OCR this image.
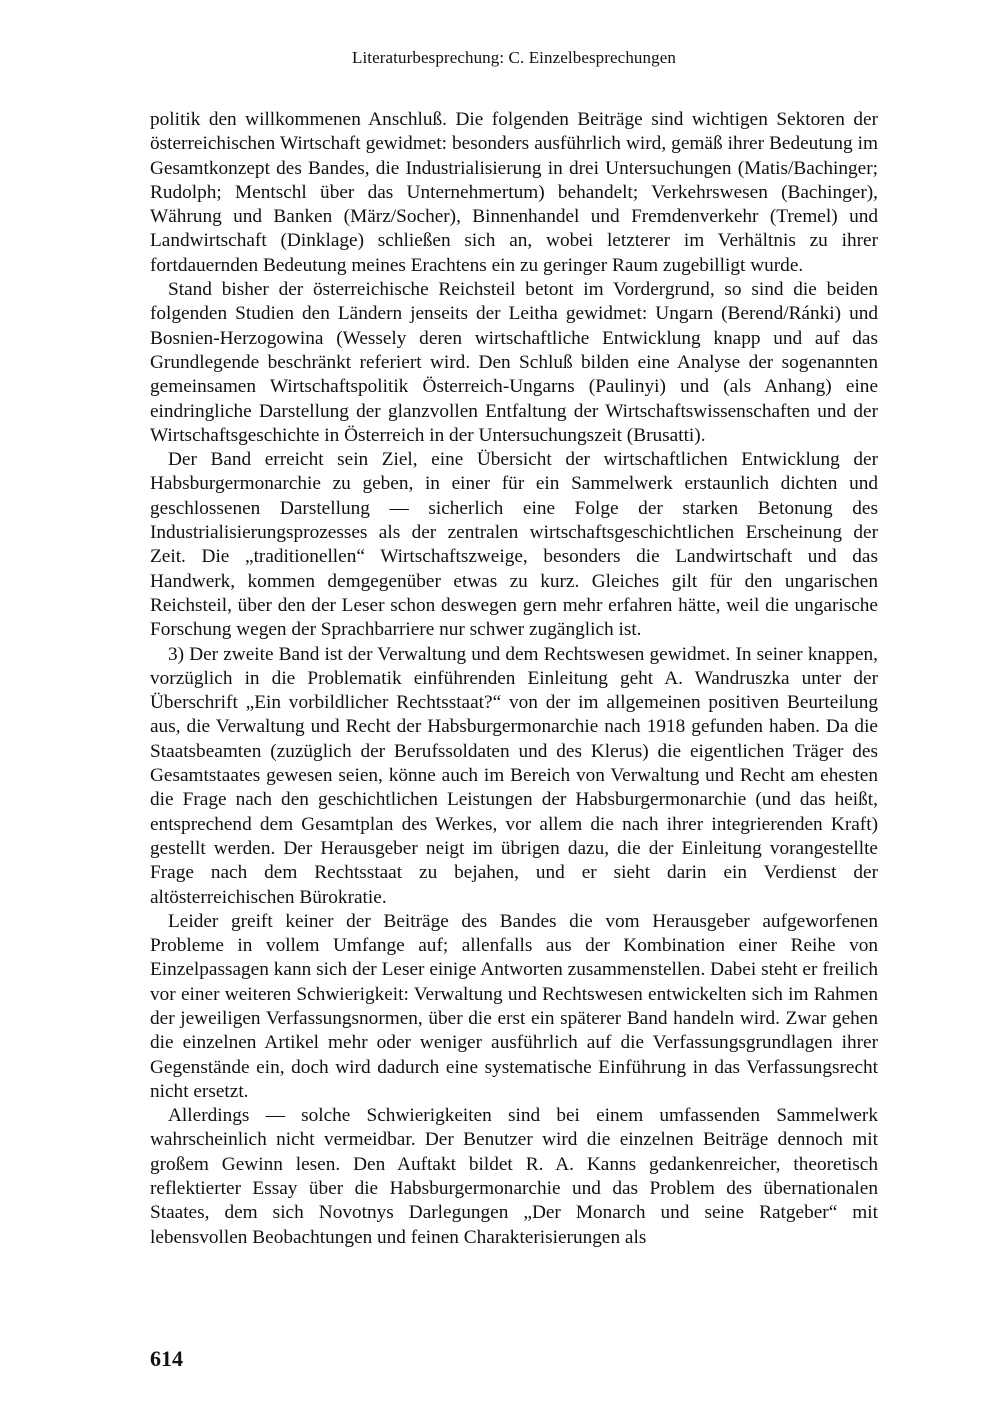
Literaturbesprechung: C. Einzelbesprechungen

politik den willkommenen Anschluß. Die folgenden Beiträge sind wichtigen Sektoren der österreichischen Wirtschaft gewidmet: besonders ausführlich wird, gemäß ihrer Bedeutung im Gesamtkonzept des Bandes, die Industrialisierung in drei Untersuchungen (Matis/Bachinger; Rudolph; Mentschl über das Unternehmertum) behandelt; Verkehrswesen (Bachinger), Währung und Banken (März/Socher), Binnenhandel und Fremdenverkehr (Tremel) und Landwirtschaft (Dinklage) schließen sich an, wobei letzterer im Verhältnis zu ihrer fortdauernden Bedeutung meines Erachtens ein zu geringer Raum zugebilligt wurde.

Stand bisher der österreichische Reichsteil betont im Vordergrund, so sind die beiden folgenden Studien den Ländern jenseits der Leitha gewidmet: Ungarn (Berend/Ránki) und Bosnien-Herzogowina (Wessely deren wirtschaftliche Entwicklung knapp und auf das Grundlegende beschränkt referiert wird. Den Schluß bilden eine Analyse der sogenannten gemeinsamen Wirtschaftspolitik Österreich-Ungarns (Paulinyi) und (als Anhang) eine eindringliche Darstellung der glanzvollen Entfaltung der Wirtschaftswissenschaften und der Wirtschaftsgeschichte in Österreich in der Untersuchungszeit (Brusatti).

Der Band erreicht sein Ziel, eine Übersicht der wirtschaftlichen Entwicklung der Habsburgermonarchie zu geben, in einer für ein Sammelwerk erstaunlich dichten und geschlossenen Darstellung — sicherlich eine Folge der starken Betonung des Industrialisierungsprozesses als der zentralen wirtschaftsgeschichtlichen Erscheinung der Zeit. Die „traditionellen“ Wirtschaftszweige, besonders die Landwirtschaft und das Handwerk, kommen demgegenüber etwas zu kurz. Gleiches gilt für den ungarischen Reichsteil, über den der Leser schon deswegen gern mehr erfahren hätte, weil die ungarische Forschung wegen der Sprachbarriere nur schwer zugänglich ist.

3) Der zweite Band ist der Verwaltung und dem Rechtswesen gewidmet. In seiner knappen, vorzüglich in die Problematik einführenden Einleitung geht A. Wandruszka unter der Überschrift „Ein vorbildlicher Rechtsstaat?“ von der im allgemeinen positiven Beurteilung aus, die Verwaltung und Recht der Habsburgermonarchie nach 1918 gefunden haben. Da die Staatsbeamten (zuzüglich der Berufssoldaten und des Klerus) die eigentlichen Träger des Gesamtstaates gewesen seien, könne auch im Bereich von Verwaltung und Recht am ehesten die Frage nach den geschichtlichen Leistungen der Habsburgermonarchie (und das heißt, entsprechend dem Gesamtplan des Werkes, vor allem die nach ihrer integrierenden Kraft) gestellt werden. Der Herausgeber neigt im übrigen dazu, die der Einleitung vorangestellte Frage nach dem Rechtsstaat zu bejahen, und er sieht darin ein Verdienst der altösterreichischen Bürokratie.

Leider greift keiner der Beiträge des Bandes die vom Herausgeber aufgeworfenen Probleme in vollem Umfange auf; allenfalls aus der Kombination einer Reihe von Einzelpassagen kann sich der Leser einige Antworten zusammenstellen. Dabei steht er freilich vor einer weiteren Schwierigkeit: Verwaltung und Rechtswesen entwickelten sich im Rahmen der jeweiligen Verfassungsnormen, über die erst ein späterer Band handeln wird. Zwar gehen die einzelnen Artikel mehr oder weniger ausführlich auf die Verfassungsgrundlagen ihrer Gegenstände ein, doch wird dadurch eine systematische Einführung in das Verfassungsrecht nicht ersetzt.

Allerdings — solche Schwierigkeiten sind bei einem umfassenden Sammelwerk wahrscheinlich nicht vermeidbar. Der Benutzer wird die einzelnen Beiträge dennoch mit großem Gewinn lesen. Den Auftakt bildet R. A. Kanns gedankenreicher, theoretisch reflektierter Essay über die Habsburgermonarchie und das Problem des übernationalen Staates, dem sich Novotnys Darlegungen „Der Monarch und seine Ratgeber“ mit lebensvollen Beobachtungen und feinen Charakterisierungen als

614
